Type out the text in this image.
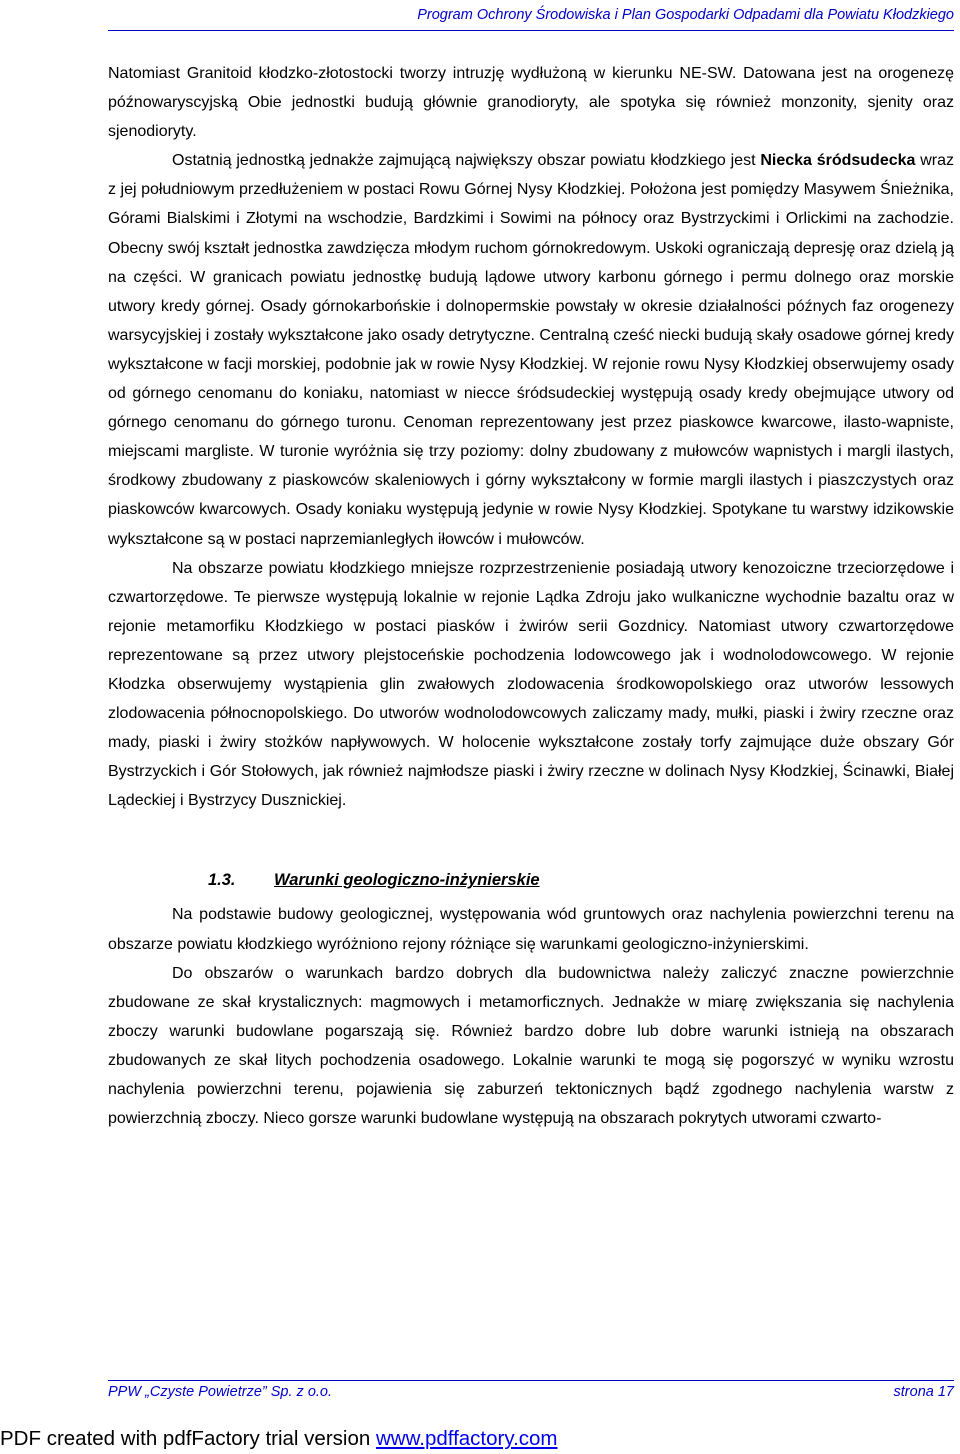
Program Ochrony Środowiska i Plan Gospodarki Odpadami dla Powiatu Kłodzkiego

Natomiast Granitoid kłodzko-złotostocki tworzy intruzję wydłużoną w kierunku NE-SW. Datowana jest na orogenezę późnowaryscyjską Obie jednostki budują głównie granodioryty, ale spotyka się również monzonity, sjenity oraz sjenodioryty.

Ostatnią jednostką jednakże zajmującą największy obszar powiatu kłodzkiego jest Niecka śródsudecka wraz z jej południowym przedłużeniem w postaci Rowu Górnej Nysy Kłodzkiej. Położona jest pomiędzy Masywem Śnieżnika, Górami Bialskimi i Złotymi na wschodzie, Bardzkimi i Sowimi na północy oraz Bystrzyckimi i Orlickimi na zachodzie. Obecny swój kształt jednostka zawdzięcza młodym ruchom górnokredowym. Uskoki ograniczają depresję oraz dzielą ją na części. W granicach powiatu jednostkę budują lądowe utwory karbonu górnego i permu dolnego oraz morskie utwory kredy górnej. Osady górnokarbońskie i dolnopermskie powstały w okresie działalności późnych faz orogenezy warsycyjskiej i zostały wykształcone jako osady detrytyczne. Centralną cześć niecki budują skały osadowe górnej kredy wykształcone w facji morskiej, podobnie jak w rowie Nysy Kłodzkiej. W rejonie rowu Nysy Kłodzkiej obserwujemy osady od górnego cenomanu do koniaku, natomiast w niecce śródsudeckiej występują osady kredy obejmujące utwory od górnego cenomanu do górnego turonu. Cenoman reprezentowany jest przez piaskowce kwarcowe, ilasto-wapniste, miejscami margliste. W turonie wyróżnia się trzy poziomy: dolny zbudowany z mułowców wapnistych i margli ilastych, środkowy zbudowany z piaskowców skaleniowych i górny wykształcony w formie margli ilastych i piaszczystych oraz piaskowców kwarcowych. Osady koniaku występują jedynie w rowie Nysy Kłodzkiej. Spotykane tu warstwy idzikowskie wykształcone są w postaci naprzemianległych iłowców i mułowców.

Na obszarze powiatu kłodzkiego mniejsze rozprzestrzenienie posiadają utwory kenozoiczne trzeciorzędowe i czwartorzędowe. Te pierwsze występują lokalnie w rejonie Lądka Zdroju jako wulkaniczne wychodnie bazaltu oraz w rejonie metamorfiku Kłodzkiego w postaci piasków i żwirów serii Gozdnicy. Natomiast utwory czwartorzędowe reprezentowane są przez utwory plejstoceńskie pochodzenia lodowcowego jak i wodnolodowcowego. W rejonie Kłodzka obserwujemy wystąpienia glin zwałowych zlodowacenia środkowopolskiego oraz utworów lessowych zlodowacenia północnopolskiego. Do utworów wodnolodowcowych zaliczamy mady, mułki, piaski i żwiry rzeczne oraz mady, piaski i żwiry stożków napływowych. W holocenie wykształcone zostały torfy zajmujące duże obszary Gór Bystrzyckich i Gór Stołowych, jak również najmłodsze piaski i żwiry rzeczne w dolinach Nysy Kłodzkiej, Ścinawki, Białej Lądeckiej i Bystrzycy Dusznickiej.

1.3. Warunki geologiczno-inżynierskie

Na podstawie budowy geologicznej, występowania wód gruntowych oraz nachylenia powierzchni terenu na obszarze powiatu kłodzkiego wyróżniono rejony różniące się warunkami geologiczno-inżynierskimi.

Do obszarów o warunkach bardzo dobrych dla budownictwa należy zaliczyć znaczne powierzchnie zbudowane ze skał krystalicznych: magmowych i metamorficznych. Jednakże w miarę zwiększania się nachylenia zboczy warunki budowlane pogarszają się. Również bardzo dobre lub dobre warunki istnieją na obszarach zbudowanych ze skał litych pochodzenia osadowego. Lokalnie warunki te mogą się pogorszyć w wyniku wzrostu nachylenia powierzchni terenu, pojawienia się zaburzeń tektonicznych bądź zgodnego nachylenia warstw z powierzchnią zboczy. Nieco gorsze warunki budowlane występują na obszarach pokrytych utworami czwarto-

PPW „Czyste Powietrze” Sp. z o.o.	strona 17
PDF created with pdfFactory trial version www.pdffactory.com
